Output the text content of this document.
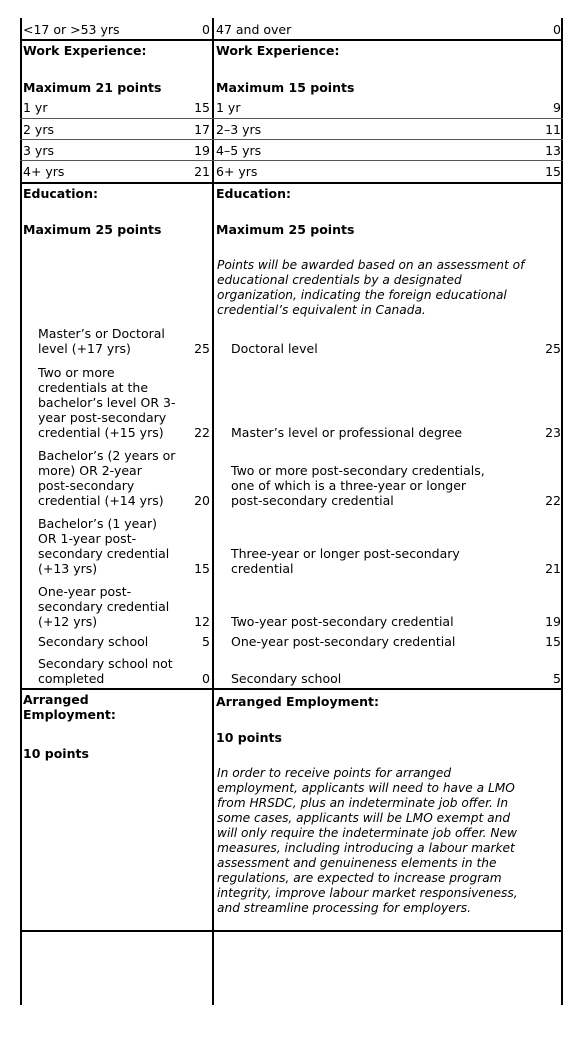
<17 or >53 yrs	0
Work Experience:
Maximum 21 points
1 yr	15
2 yrs	17
3 yrs	19
4+ yrs	21
Education:
Maximum 25 points
Master’s or Doctoral
level (+17 yrs)	25
Two or more
credentials at the
bachelor’s level OR 3-
year post-secondary
credential (+15 yrs)	22
Bachelor’s (2 years or
more) OR 2-year
post-secondary
credential (+14 yrs)	20
Bachelor’s (1 year)
OR 1-year post-
secondary credential
(+13 yrs)	15
One-year post-
secondary credential
(+12 yrs)	12
Secondary school	5
Secondary school not
completed	0
Arranged
Employment:
10 points
47 and over	0
Work Experience:
Maximum 15 points
1 yr	9
2–3 yrs	11
4–5 yrs	13
6+ yrs	15
Education:
Maximum 25 points
Points will be awarded based on an assessment of
educational credentials by a designated
organization, indicating the foreign educational
credential’s equivalent in Canada.
Doctoral level	25
Master’s level or professional degree	23
Two or more post-secondary credentials,
one of which is a three-year or longer
post-secondary credential	22
Three-year or longer post-secondary
credential	21
Two-year post-secondary credential	19
One-year post-secondary credential	15
Secondary school	5
Arranged Employment:
10 points
In order to receive points for arranged
employment, applicants will need to have a LMO
from HRSDC, plus an indeterminate job offer. In
some cases, applicants will be LMO exempt and
will only require the indeterminate job offer. New
measures, including introducing a labour market
assessment and genuineness elements in the
regulations, are expected to increase program
integrity, improve labour market responsiveness,
and streamline processing for employers.
